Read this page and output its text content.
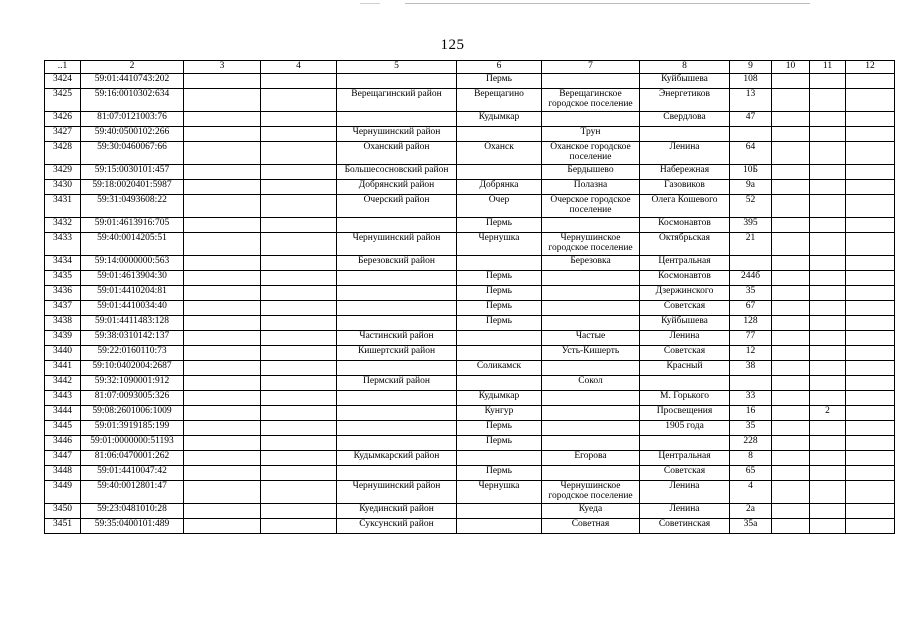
125
..1	2	3	4	5	6	7	8	9	10	11	12
3424	59:01:4410743:202				Пермь		Куйбышева	108			
3425	59:16:0010302:634			Верещагинский район	Верещагино	Верещагинское городское поселение	Энергетиков	13			
3426	81:07:0121003:76				Кудымкар		Свердлова	47			
3427	59:40:0500102:266			Чернушинский район		Трун					
3428	59:30:0460067:66			Оханский район	Оханск	Оханское городское поселение	Ленина	64			
3429	59:15:0030101:457			Большесосновский район		Бердышево	Набережная	10Б			
3430	59:18:0020401:5987			Добрянский район	Добрянка	Полазна	Газовиков	9а			
3431	59:31:0493608:22			Очерский район	Очер	Очерское городское поселение	Олега Кошевого	52			
3432	59:01:4613916:705				Пермь		Космонавтов	395			
3433	59:40:0014205:51			Чернушинский район	Чернушка	Чернушинское городское поселение	Октябрьская	21			
3434	59:14:0000000:563			Березовский район		Березовка	Центральная				
3435	59:01:4613904:30				Пермь		Космонавтов	244б			
3436	59:01:4410204:81				Пермь		Дзержинского	35			
3437	59:01:4410034:40				Пермь		Советская	67			
3438	59:01:4411483:128				Пермь		Куйбышева	128			
3439	59:38:0310142:137			Частинский район		Частые	Ленина	77			
3440	59:22:0160110:73			Кишертский район		Усть-Кишерть	Советская	12			
3441	59:10:0402004:2687				Соликамск		Красный	38			
3442	59:32:1090001:912			Пермский район		Сокол					
3443	81:07:0093005:326				Кудымкар		М. Горького	33			
3444	59:08:2601006:1009				Кунгур		Просвещения	16		2	
3445	59:01:3919185:199				Пермь		1905 года	35			
3446	59:01:0000000:51193				Пермь			228			
3447	81:06:0470001:262			Кудымкарский район		Егорова	Центральная	8			
3448	59:01:4410047:42				Пермь		Советская	65			
3449	59:40:0012801:47			Чернушинский район	Чернушка	Чернушинское городское поселение	Ленина	4			
3450	59:23:0481010:28			Куединский район		Куеда	Ленина	2а			
3451	59:35:0400101:489			Суксунский район		Советная	Советинская	35а			
